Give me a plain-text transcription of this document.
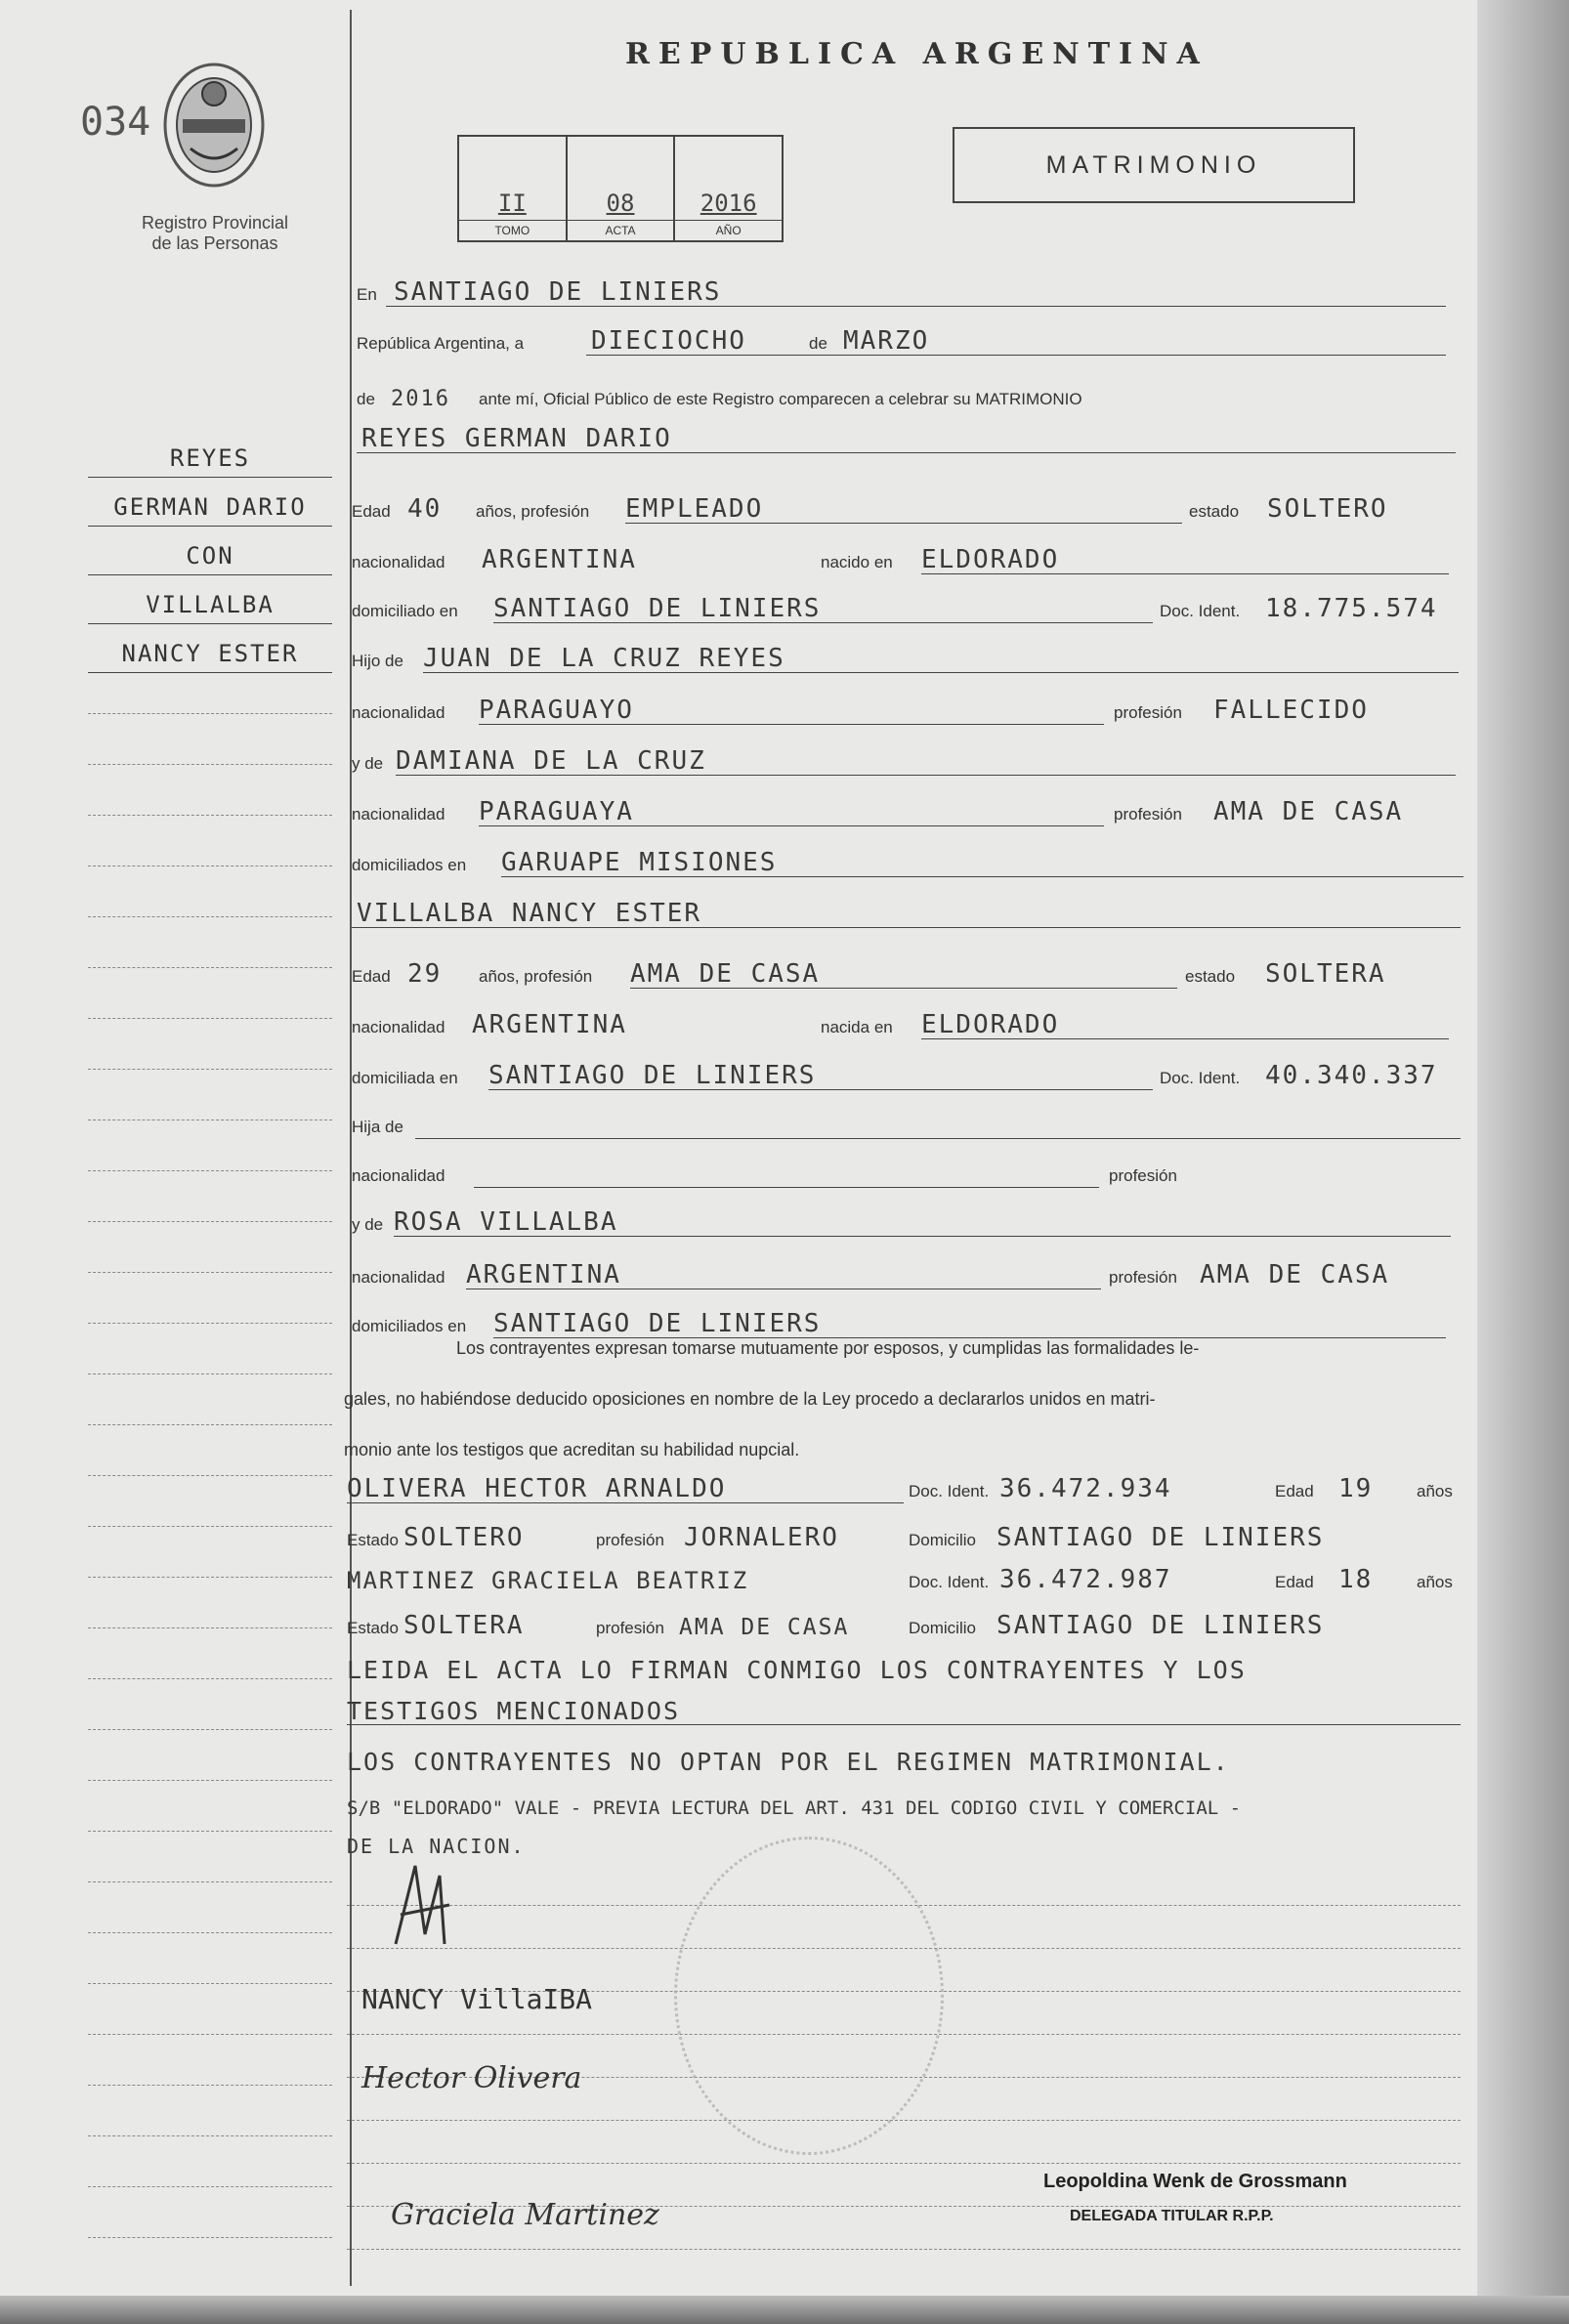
034
Registro Provincial
de las Personas
REPUBLICA ARGENTINA
MATRIMONIO
II
TOMO
08
ACTA
2016
AÑO
REYES
GERMAN DARIO
CON
VILLALBA
NANCY ESTER
En SANTIAGO DE LINIERS
República Argentina, a	DIECIOCHO	de MARZO
de 2016 ante mí, Oficial Público de este Registro comparecen a celebrar su MATRIMONIO
REYES GERMAN DARIO
Edad 40 años, profesión EMPLEADO	estado SOLTERO
nacionalidad ARGENTINA	nacido en ELDORADO
domiciliado en SANTIAGO DE LINIERS	Doc. Ident. 18.775.574
Hijo de JUAN DE LA CRUZ REYES
nacionalidad PARAGUAYO	profesión FALLECIDO
y de DAMIANA DE LA CRUZ
nacionalidad PARAGUAYA	profesión AMA DE CASA
domiciliados en GARUAPE MISIONES
VILLALBA NANCY ESTER
Edad 29 años, profesión AMA DE CASA	estado SOLTERA
nacionalidad ARGENTINA	nacida en ELDORADO
domiciliada en SANTIAGO DE LINIERS	Doc. Ident. 40.340.337
Hija de
nacionalidad	profesión
y de ROSA VILLALBA
nacionalidad ARGENTINA	profesión AMA DE CASA
domiciliados en SANTIAGO DE LINIERS
Los contrayentes expresan tomarse mutuamente por esposos, y cumplidas las formalidades le-
gales, no habiéndose deducido oposiciones en nombre de la Ley procedo a declararlos unidos en matri-
monio ante los testigos que acreditan su habilidad nupcial.
OLIVERA HECTOR ARNALDO	Doc. Ident. 36.472.934	Edad 19	años
Estado SOLTERO	profesión JORNALERO	Domicilio SANTIAGO DE LINIERS
MARTINEZ GRACIELA BEATRIZ	Doc. Ident. 36.472.987	Edad 18	años
Estado SOLTERA	profesión AMA DE CASA	Domicilio SANTIAGO DE LINIERS
LEIDA EL ACTA LO FIRMAN CONMIGO LOS CONTRAYENTES Y LOS
TESTIGOS MENCIONADOS
LOS CONTRAYENTES NO OPTAN POR EL REGIMEN MATRIMONIAL.
S/B "ELDORADO" VALE - PREVIA LECTURA DEL ART. 431 DEL CODIGO CIVIL Y COMERCIAL -
DE LA NACION.
NANCY VillaIBA
Hector Olivera
Graciela Martinez
Leopoldina Wenk de Grossmann
DELEGADA TITULAR R.P.P.
